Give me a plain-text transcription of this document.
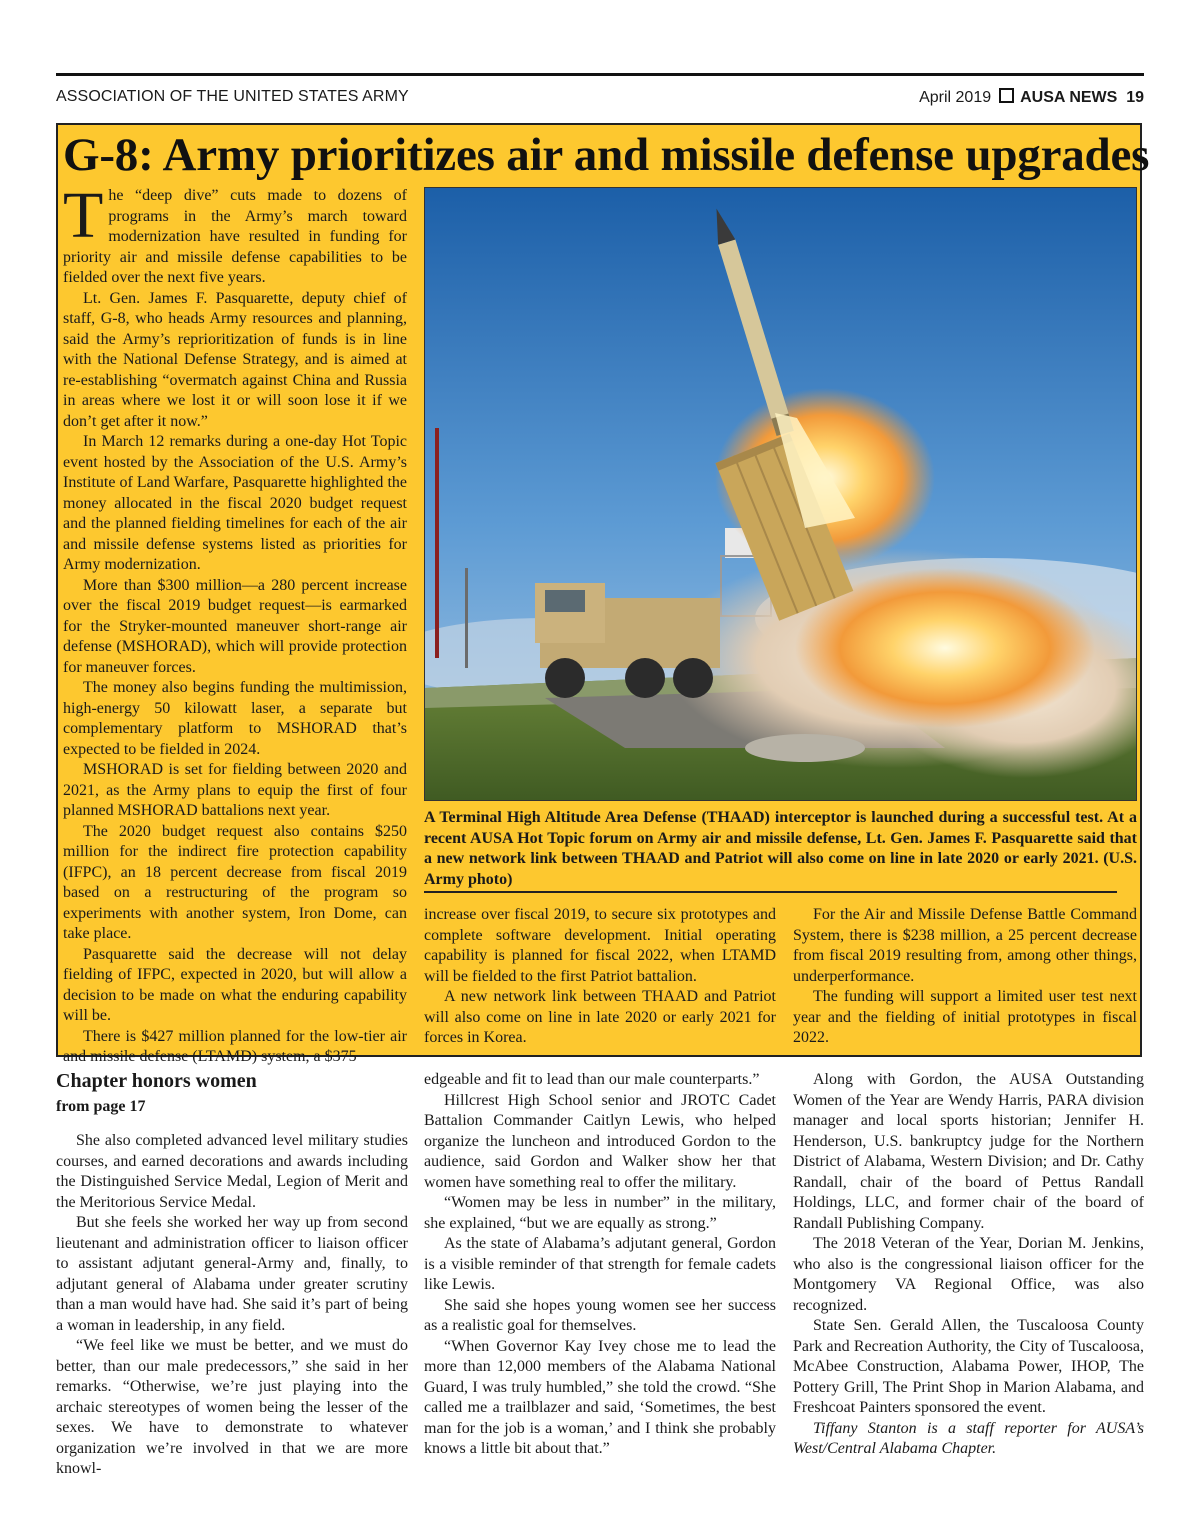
ASSOCIATION OF THE UNITED STATES ARMY	April 2019 AUSA NEWS 19
G-8: Army prioritizes air and missile defense upgrades

The “deep dive” cuts made to dozens of programs in the Army’s march toward modernization have resulted in funding for priority air and missile defense capabilities to be fielded over the next five years.

Lt. Gen. James F. Pasquarette, deputy chief of staff, G-8, who heads Army resources and planning, said the Army’s reprioritization of funds is in line with the National Defense Strategy, and is aimed at re-establishing “overmatch against China and Russia in areas where we lost it or will soon lose it if we don’t get after it now.”

In March 12 remarks during a one-day Hot Topic event hosted by the Association of the U.S. Army’s Institute of Land Warfare, Pasquarette highlighted the money allocated in the fiscal 2020 budget request and the planned fielding timelines for each of the air and missile defense systems listed as priorities for Army modernization.

More than $300 million—a 280 percent increase over the fiscal 2019 budget request—is earmarked for the Stryker-mounted maneuver short-range air defense (MSHORAD), which will provide protection for maneuver forces.

The money also begins funding the multimission, high-energy 50 kilowatt laser, a separate but complementary platform to MSHORAD that’s expected to be fielded in 2024.

MSHORAD is set for fielding between 2020 and 2021, as the Army plans to equip the first of four planned MSHORAD battalions next year.

The 2020 budget request also contains $250 million for the indirect fire protection capability (IFPC), an 18 percent decrease from fiscal 2019 based on a restructuring of the program so experiments with another system, Iron Dome, can take place.

Pasquarette said the decrease will not delay fielding of IFPC, expected in 2020, but will allow a decision to be made on what the enduring capability will be.

There is $427 million planned for the low-tier air and missile defense (LTAMD) system, a $375

A Terminal High Altitude Area Defense (THAAD) interceptor is launched during a successful test. At a recent AUSA Hot Topic forum on Army air and missile defense, Lt. Gen. James F. Pasquarette said that a new network link between THAAD and Patriot will also come on line in late 2020 or early 2021. (U.S. Army photo)

increase over fiscal 2019, to secure six prototypes and complete software development. Initial operating capability is planned for fiscal 2022, when LTAMD will be fielded to the first Patriot battalion.

A new network link between THAAD and Patriot will also come on line in late 2020 or early 2021 for forces in Korea.

For the Air and Missile Defense Battle Command System, there is $238 million, a 25 percent decrease from fiscal 2019 resulting from, among other things, underperformance.

The funding will support a limited user test next year and the fielding of initial prototypes in fiscal 2022.

Chapter honors women
from page 17

She also completed advanced level military studies courses, and earned decorations and awards including the Distinguished Service Medal, Legion of Merit and the Meritorious Service Medal.

But she feels she worked her way up from second lieutenant and administration officer to liaison officer to assistant adjutant general-Army and, finally, to adjutant general of Alabama under greater scrutiny than a man would have had. She said it’s part of being a woman in leadership, in any field.

“We feel like we must be better, and we must do better, than our male predecessors,” she said in her remarks. “Otherwise, we’re just playing into the archaic stereotypes of women being the lesser of the sexes. We have to demonstrate to whatever organization we’re involved in that we are more knowl-

edgeable and fit to lead than our male counterparts.”

Hillcrest High School senior and JROTC Cadet Battalion Commander Caitlyn Lewis, who helped organize the luncheon and introduced Gordon to the audience, said Gordon and Walker show her that women have something real to offer the military.

“Women may be less in number” in the military, she explained, “but we are equally as strong.”

As the state of Alabama’s adjutant general, Gordon is a visible reminder of that strength for female cadets like Lewis.

She said she hopes young women see her success as a realistic goal for themselves.

“When Governor Kay Ivey chose me to lead the more than 12,000 members of the Alabama National Guard, I was truly humbled,” she told the crowd. “She called me a trailblazer and said, ‘Sometimes, the best man for the job is a woman,’ and I think she probably knows a little bit about that.”

Along with Gordon, the AUSA Outstanding Women of the Year are Wendy Harris, PARA division manager and local sports historian; Jennifer H. Henderson, U.S. bankruptcy judge for the Northern District of Alabama, Western Division; and Dr. Cathy Randall, chair of the board of Pettus Randall Holdings, LLC, and former chair of the board of Randall Publishing Company.

The 2018 Veteran of the Year, Dorian M. Jenkins, who also is the congressional liaison officer for the Montgomery VA Regional Office, was also recognized.

State Sen. Gerald Allen, the Tuscaloosa County Park and Recreation Authority, the City of Tuscaloosa, McAbee Construction, Alabama Power, IHOP, The Pottery Grill, The Print Shop in Marion Alabama, and Freshcoat Painters sponsored the event.

Tiffany Stanton is a staff reporter for AUSA’s West/Central Alabama Chapter.
